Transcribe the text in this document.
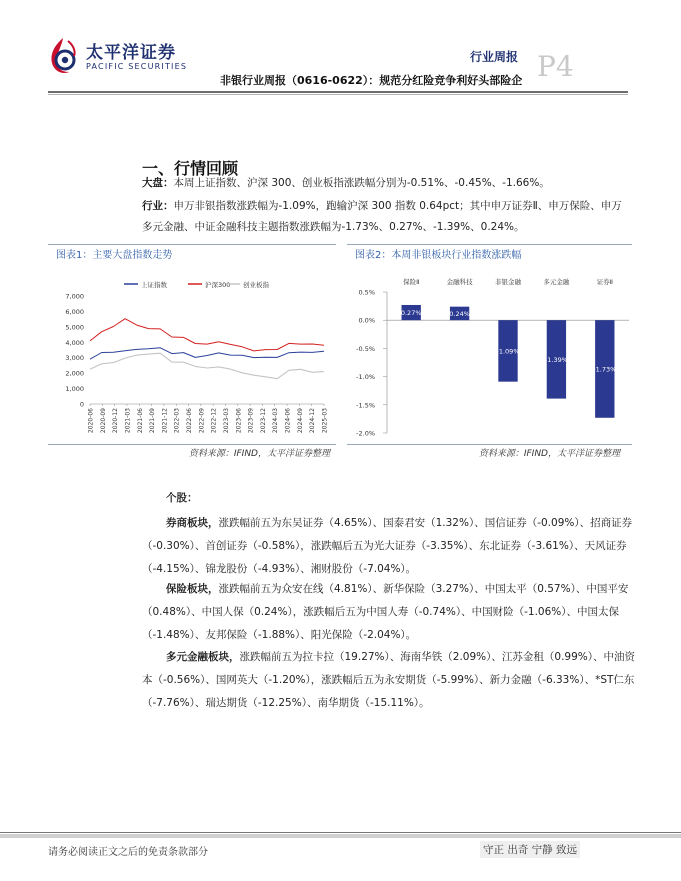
太平洋证券
PACIFIC SECURITIES
行业周报
非银行业周报（0616-0622）：规范分红险竞争利好头部险企 P4
一、行情回顾
大盘：本周上证指数、沪深 300、创业板指涨跌幅分别为-0.51%、-0.45%、-1.66%。
行业：申万非银指数涨跌幅为-1.09%，跑输沪深 300 指数 0.64pct；其中申万证券Ⅱ、申万保险、申万多元金融、中证金融科技主题指数涨跌幅为-1.73%、0.27%、-1.39%、0.24%。
图表1：主要大盘指数走势
上证指数	沪深300 创业板指
0
1,000
2,000
3,000
4,000
5,000
6,000
7,000
2020-06 2020-09 2020-12 2021-03 2021-06 2021-09 2021-12 2022-03 2022-06 2022-09 2022-12 2023-03 2023-06 2023-09 2023-12 2024-03 2024-06 2024-09 2024-12 2025-03
资料来源：IFIND，太平洋证券整理
图表2：本周非银板块行业指数涨跌幅
0.5%
0.0%
-0.5%
-1.0%
-1.5%
-2.0%
0.27%	0.24%
-1.09%
-1.39%
-1.73%
保险Ⅱ	金融科技	非银金融	多元金融	证券Ⅱ
资料来源：IFIND，太平洋证券整理
个股：
券商板块，涨跌幅前五为东吴证券（4.65%）、国泰君安（1.32%）、国信证券（-0.09%）、招商证券（-0.30%）、首创证券（-0.58%），涨跌幅后五为光大证券（-3.35%）、东北证券（-3.61%）、天风证券（-4.15%）、锦龙股份（-4.93%）、湘财股份（-7.04%）。
保险板块，涨跌幅前五为众安在线（4.81%）、新华保险（3.27%）、中国太平（0.57%）、中国平安（0.48%）、中国人保（0.24%），涨跌幅后五为中国人寿（-0.74%）、中国财险（-1.06%）、中国太保（-1.48%）、友邦保险（-1.88%）、阳光保险（-2.04%）。
多元金融板块，涨跌幅前五为拉卡拉（19.27%）、海南华铁（2.09%）、江苏金租（0.99%）、中油资本（-0.56%）、国网英大（-1.20%），涨跌幅后五为永安期货（-5.99%）、新力金融（-6.33%）、*ST仁东（-7.76%）、瑞达期货（-12.25%）、南华期货（-15.11%）。
请务必阅读正文之后的免责条款部分	守正 出奇 宁静 致远
